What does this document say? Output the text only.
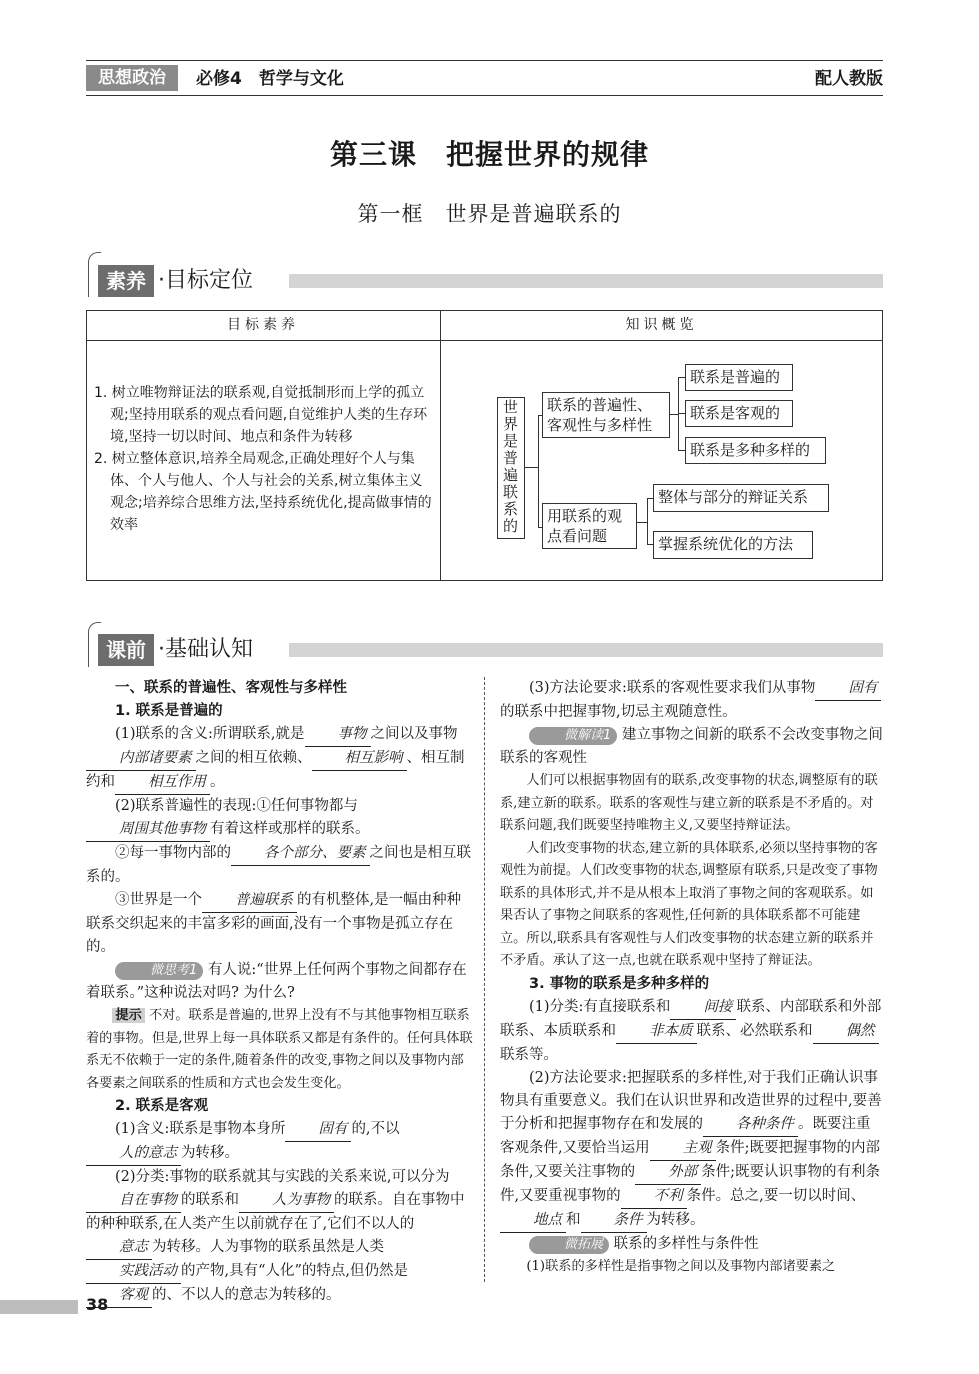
思想政治	必修4　哲学与文化	配人教版
第三课　把握世界的规律
第一框　世界是普遍联系的
素养 ·目标定位
目标素养	知识概览

1. 树立唯物辩证法的联系观,自觉抵制形而上学的孤立观;坚持用联系的观点看问题,自觉维护人类的生存环境,坚持一切以时间、地点和条件为转移

2. 树立整体意识,培养全局观念,正确处理好个人与集体、个人与他人、个人与社会的关系,树立集体主义观念;培养综合思维方法,坚持系统优化,提高做事情的效率

世界是普遍联系的
联系的普遍性、客观性与多样性
联系是普遍的
联系是客观的
联系是多种多样的
用联系的观点看问题
整体与部分的辩证关系
掌握系统优化的方法
课前 ·基础认知

一、联系的普遍性、客观性与多样性

1. 联系是普遍的

(1)联系的含义:所谓联系,就是 事物 之间以及事物内部诸要素 之间的相互依赖、 相互影响 、相互制约和 相互作用 。

(2)联系普遍性的表现:①任何事物都与周围其他事物 有着这样或那样的联系。

②每一事物内部的 各个部分、要素 之间也是相互联系的。

③世界是一个 普遍联系 的有机整体,是一幅由种种联系交织起来的丰富多彩的画面,没有一个事物是孤立存在的。

微思考1 有人说:“世界上任何两个事物之间都存在着联系。”这种说法对吗? 为什么?

提示 不对。联系是普遍的,世界上没有不与其他事物相互联系着的事物。但是,世界上每一具体联系又都是有条件的。任何具体联系无不依赖于一定的条件,随着条件的改变,事物之间以及事物内部各要素之间联系的性质和方式也会发生变化。

2. 联系是客观

(1)含义:联系是事物本身所 固有 的,不以人的意志 为转移。

(2)分类:事物的联系就其与实践的关系来说,可以分为自在事物 的联系和 人为事物 的联系。自在事物中的种种联系,在人类产生以前就存在了,它们不以人的意志 为转移。人为事物的联系虽然是人类实践活动 的产物,具有“人化”的特点,但仍然是客观 的、不以人的意志为转移的。

(3)方法论要求:联系的客观性要求我们从事物 固有的联系中把握事物,切忌主观随意性。

微解读1 建立事物之间新的联系不会改变事物之间联系的客观性

人们可以根据事物固有的联系,改变事物的状态,调整原有的联系,建立新的联系。联系的客观性与建立新的联系是不矛盾的。对联系问题,我们既要坚持唯物主义,又要坚持辩证法。

人们改变事物的状态,建立新的具体联系,必须以坚持事物的客观性为前提。人们改变事物的状态,调整原有联系,只是改变了事物联系的具体形式,并不是从根本上取消了事物之间的客观联系。如果否认了事物之间联系的客观性,任何新的具体联系都不可能建立。所以,联系具有客观性与人们改变事物的状态建立新的联系并不矛盾。承认了这一点,也就在联系观中坚持了辩证法。

3. 事物的联系是多种多样的

(1)分类:有直接联系和 间接 联系、内部联系和外部联系、本质联系和 非本质 联系、必然联系和 偶然联系等。

(2)方法论要求:把握联系的多样性,对于我们正确认识事物具有重要意义。我们在认识世界和改造世界的过程中,要善于分析和把握事物存在和发展的 各种条件 。既要注重客观条件,又要恰当运用 主观 条件;既要把握事物的内部条件,又要关注事物的 外部 条件;既要认识事物的有利条件,又要重视事物的 不利 条件。总之,要一切以时间、地点 和 条件 为转移。

微拓展 联系的多样性与条件性

(1)联系的多样性是指事物之间以及事物内部诸要素之

38
